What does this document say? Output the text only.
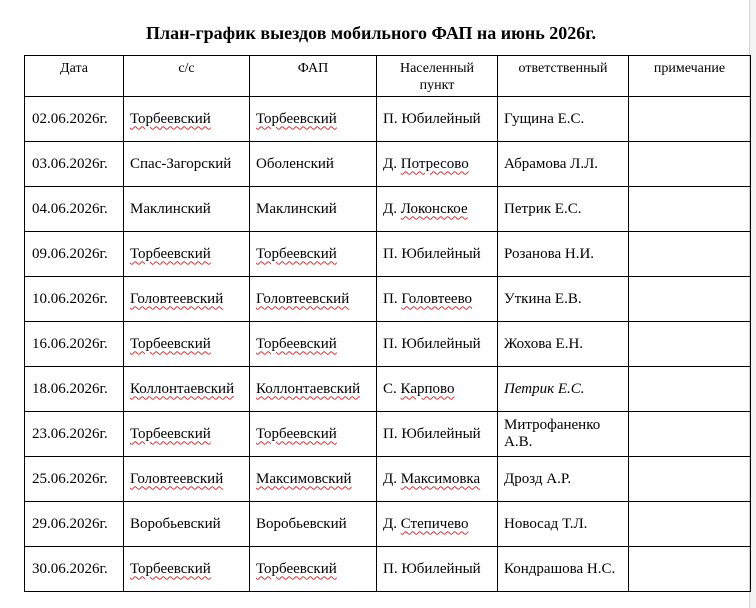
План-график выездов мобильного ФАП на июнь 2026г.
Дата	с/с	ФАП	Населенный пункт	ответственный	примечание
02.06.2026г.	Торбеевский	Торбеевский	П. Юбилейный	Гущина Е.С.	
03.06.2026г.	Спас-Загорский	Оболенский	Д. Потресово	Абрамова Л.Л.	
04.06.2026г.	Маклинский	Маклинский	Д. Локонское	Петрик Е.С.	
09.06.2026г.	Торбеевский	Торбеевский	П. Юбилейный	Розанова Н.И.	
10.06.2026г.	Головтеевский	Головтеевский	П. Головтеево	Уткина Е.В.	
16.06.2026г.	Торбеевский	Торбеевский	П. Юбилейный	Жохова Е.Н.	
18.06.2026г.	Коллонтаевский	Коллонтаевский	С. Карпово	Петрик Е.С.	
23.06.2026г.	Торбеевский	Торбеевский	П. Юбилейный	Митрофаненко А.В.	
25.06.2026г.	Головтеевский	Максимовский	Д. Максимовка	Дрозд А.Р.	
29.06.2026г.	Воробьевский	Воробьевский	Д. Степичево	Новосад Т.Л.	
30.06.2026г.	Торбеевский	Торбеевский	П. Юбилейный	Кондрашова Н.С.	
